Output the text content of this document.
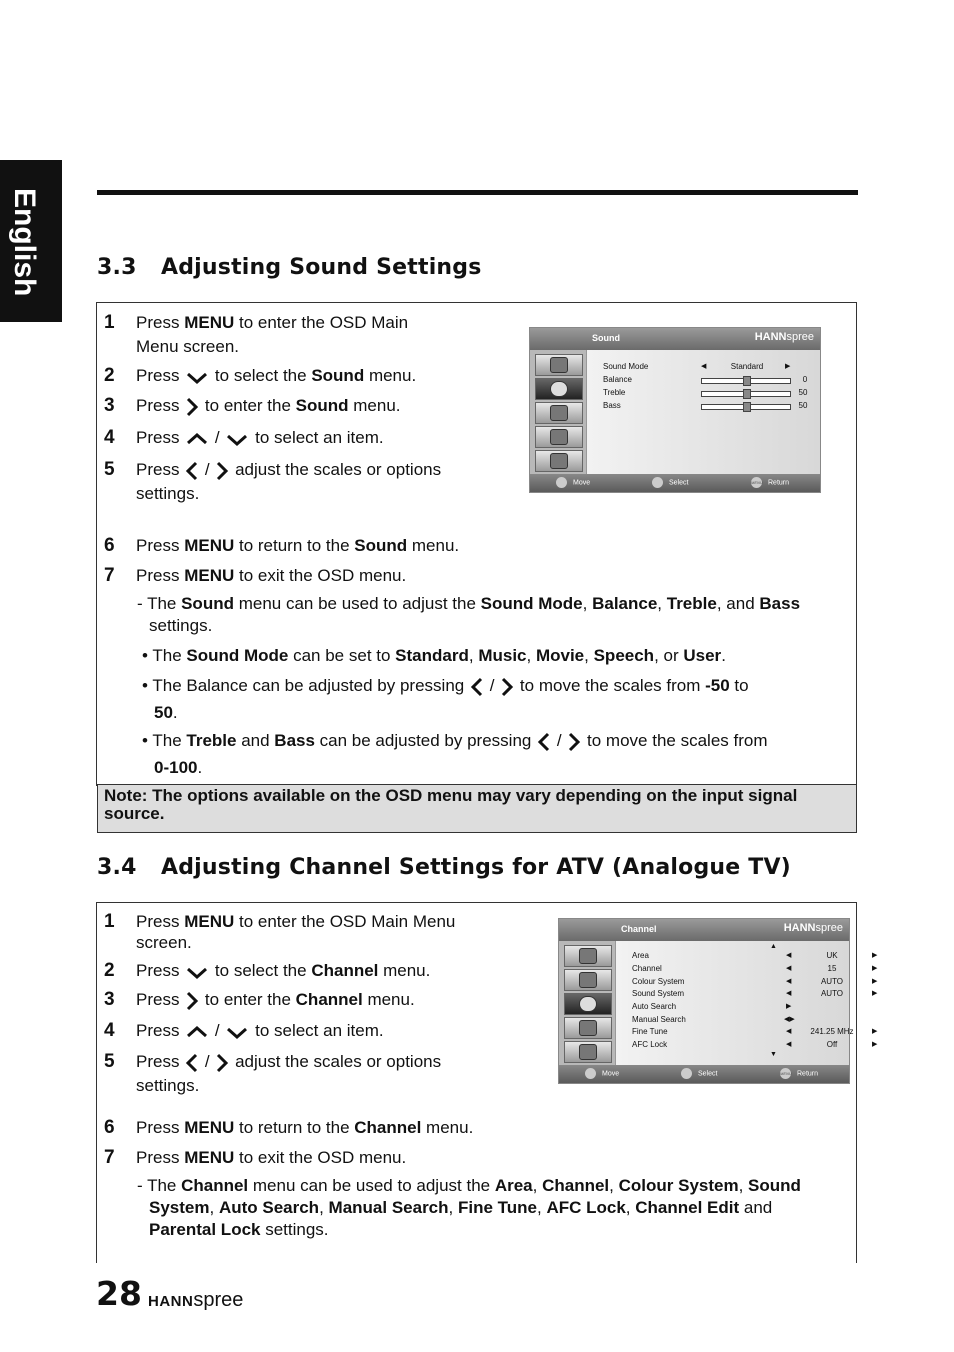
English	3.3 Adjusting Sound Settings
1 Press MENU to enter the OSD Main
Menu screen.
2 Press  to select the Sound menu.
3 Press  to enter the Sound menu.
4 Press  /  to select an item.
5 Press  /  adjust the scales or options
settings.
6 Press MENU to return to the Sound menu.
7 Press MENU to exit the OSD menu.
- The Sound menu can be used to adjust the Sound Mode, Balance, Treble, and Bass
settings.
• The Sound Mode can be set to Standard, Music, Movie, Speech, or User.
• The Balance can be adjusted by pressing / to move the scales from -50 to
50.
• The Treble and Bass can be adjusted by pressing / to move the scales from
0-100.
Note: The options available on the OSD menu may vary depending on the input signal source.
Sound	HANNspree
Sound Mode	◀	Standard	▶
Balance	0
Treble	50
Bass	50
Move	Select	MENU Return
3.4 Adjusting Channel Settings for ATV (Analogue TV)
1 Press MENU to enter the OSD Main Menu
screen.
2 Press  to select the Channel menu.
3 Press  to enter the Channel menu.
4 Press  /  to select an item.
5 Press  /  adjust the scales or options
settings.
6 Press MENU to return to the Channel menu.
7 Press MENU to exit the OSD menu.
- The Channel menu can be used to adjust the Area, Channel, Colour System, Sound
System, Auto Search, Manual Search, Fine Tune, AFC Lock, Channel Edit and
Parental Lock settings.
Channel	HANNspree
▲
Area	◀	UK	▶
Channel	◀	15	▶
Colour System	◀	AUTO	▶
Sound System	◀	AUTO	▶
Auto Search	▶
Manual Search	◀▶
Fine Tune	◀	241.25 MHz	▶
AFC Lock	◀	Off	▶
▼
Move	Select	MENU Return
28 HANNspree
